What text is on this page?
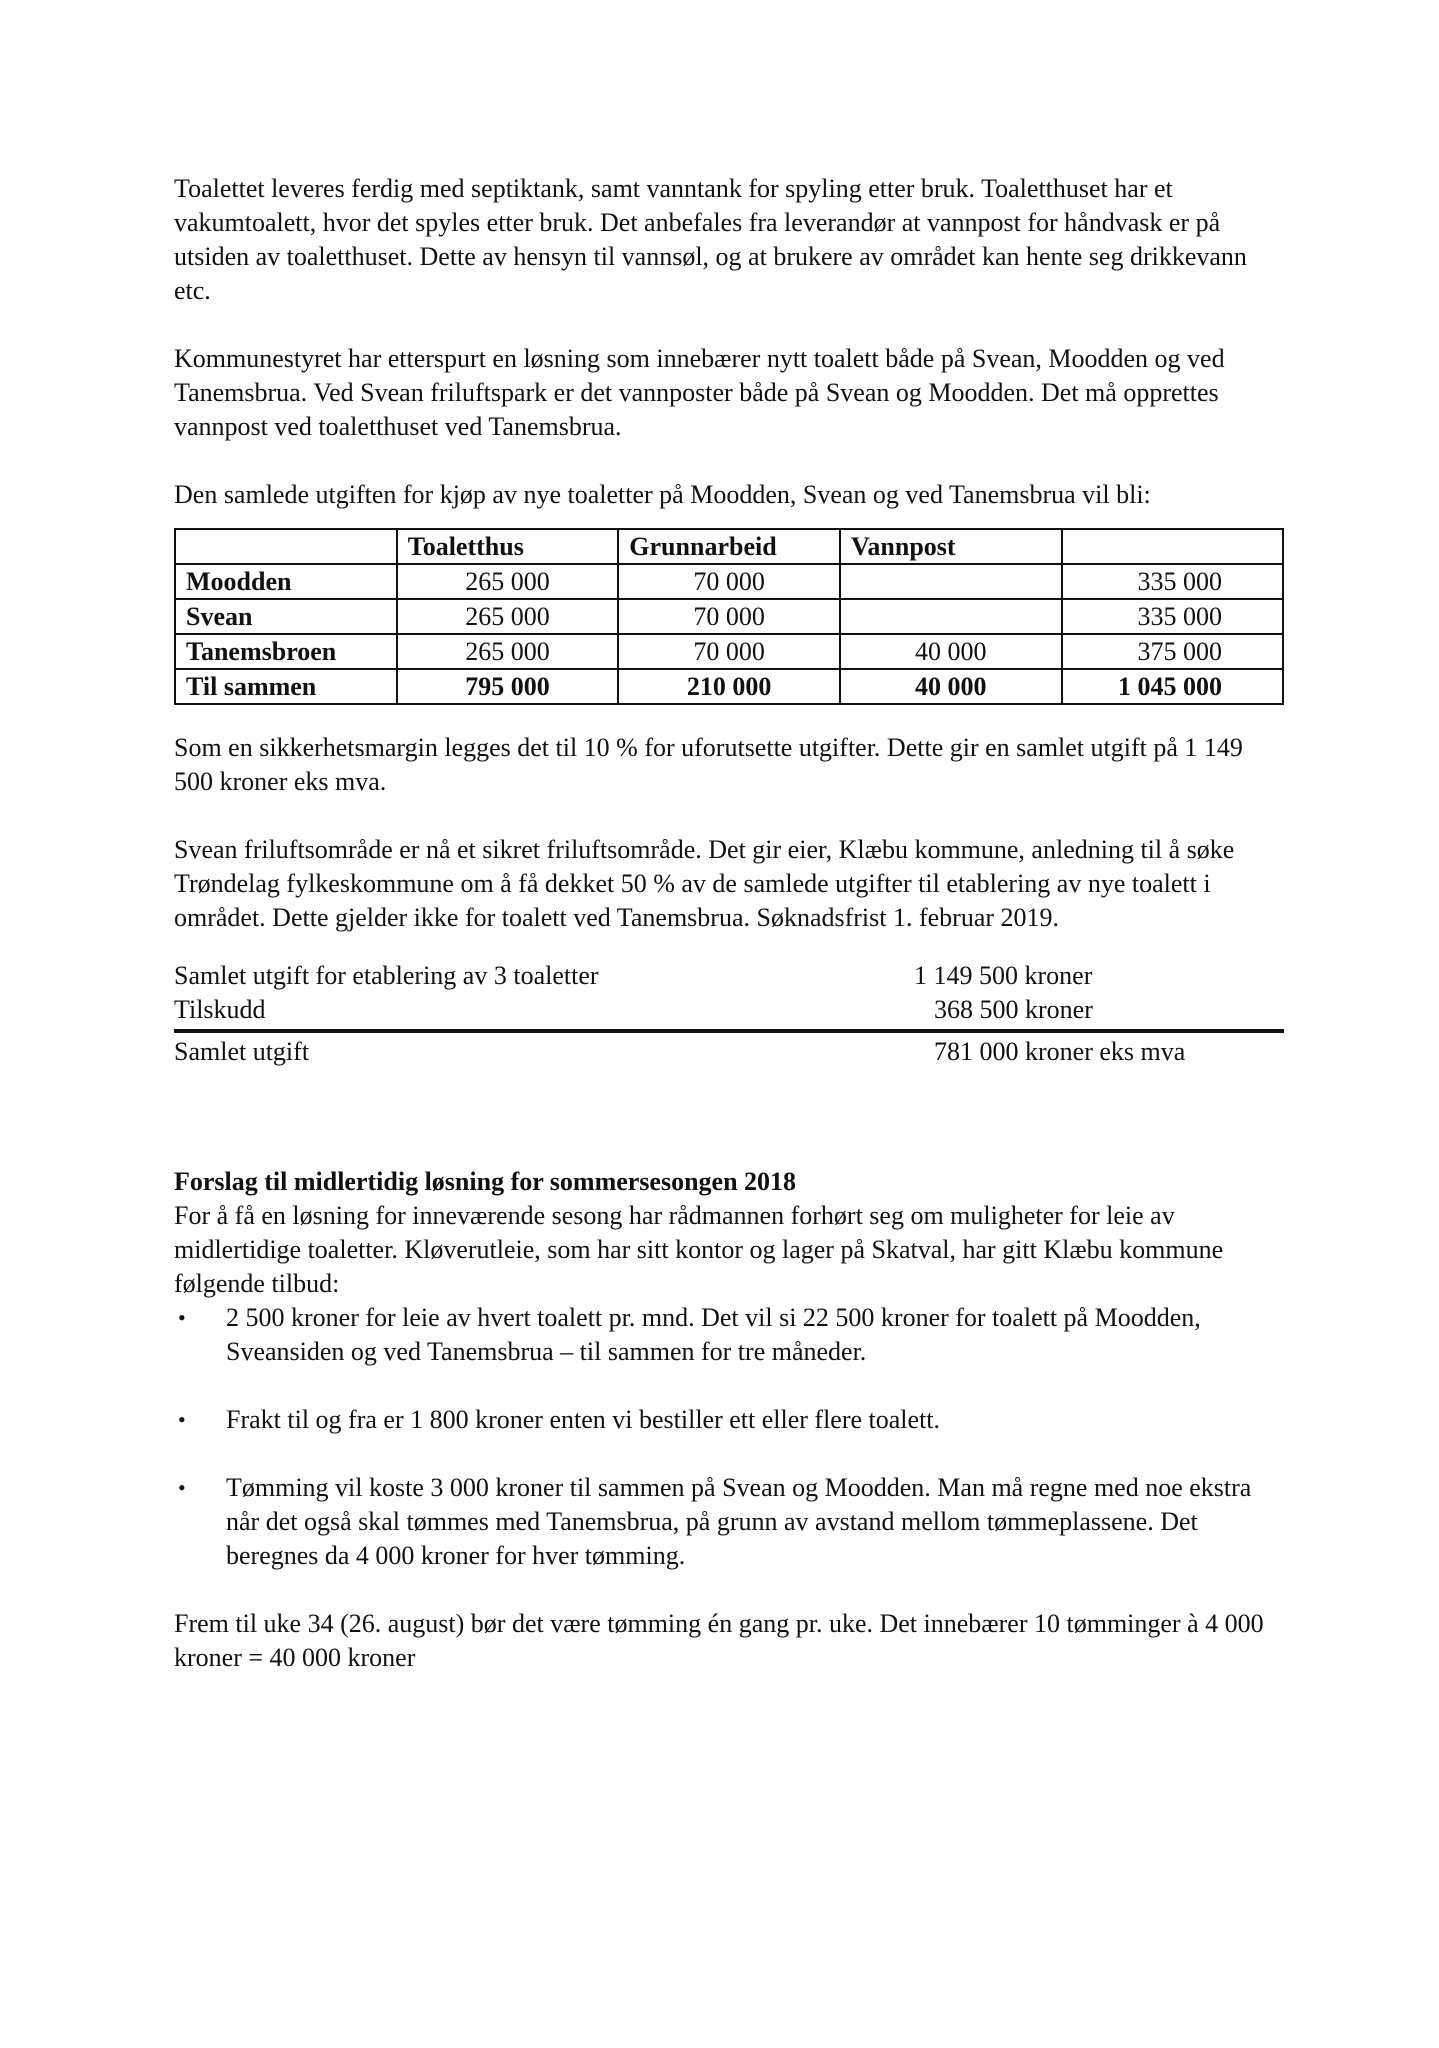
Toalettet leveres ferdig med septiktank, samt vanntank for spyling etter bruk. Toaletthuset har et vakumtoalett, hvor det spyles etter bruk. Det anbefales fra leverandør at vannpost for håndvask er på utsiden av toaletthuset. Dette av hensyn til vannsøl, og at brukere av området kan hente seg drikkevann etc.

Kommunestyret har etterspurt en løsning som innebærer nytt toalett både på Svean, Moodden og ved Tanemsbrua. Ved Svean friluftspark er det vannposter både på Svean og Moodden. Det må opprettes vannpost ved toaletthuset ved Tanemsbrua.

Den samlede utgiften for kjøp av nye toaletter på Moodden, Svean og ved Tanemsbrua vil bli:

	Toaletthus	Grunnarbeid	Vannpost	
Moodden	265 000	70 000		335 000
Svean	265 000	70 000		335 000
Tanemsbroen	265 000	70 000	40 000	375 000
Til sammen	795 000	210 000	40 000	1 045 000

Som en sikkerhetsmargin legges det til 10 % for uforutsette utgifter. Dette gir en samlet utgift på 1 149 500 kroner eks mva.

Svean friluftsområde er nå et sikret friluftsområde. Det gir eier, Klæbu kommune, anledning til å søke Trøndelag fylkeskommune om å få dekket 50 % av de samlede utgifter til etablering av nye toalett i området. Dette gjelder ikke for toalett ved Tanemsbrua. Søknadsfrist 1. februar 2019.

Samlet utgift for etablering av 3 toaletter	1 149 500 kroner
Tilskudd	368 500 kroner
Samlet utgift	781 000 kroner eks mva
Forslag til midlertidig løsning for sommersesongen 2018

For å få en løsning for inneværende sesong har rådmannen forhørt seg om muligheter for leie av midlertidige toaletter. Kløverutleie, som har sitt kontor og lager på Skatval, har gitt Klæbu kommune følgende tilbud:

• 2 500 kroner for leie av hvert toalett pr. mnd. Det vil si 22 500 kroner for toalett på Moodden, Sveansiden og ved Tanemsbrua – til sammen for tre måneder.
• Frakt til og fra er 1 800 kroner enten vi bestiller ett eller flere toalett.
• Tømming vil koste 3 000 kroner til sammen på Svean og Moodden. Man må regne med noe ekstra når det også skal tømmes med Tanemsbrua, på grunn av avstand mellom tømmeplassene. Det beregnes da 4 000 kroner for hver tømming.

Frem til uke 34 (26. august) bør det være tømming én gang pr. uke. Det innebærer 10 tømminger à 4 000 kroner = 40 000 kroner
